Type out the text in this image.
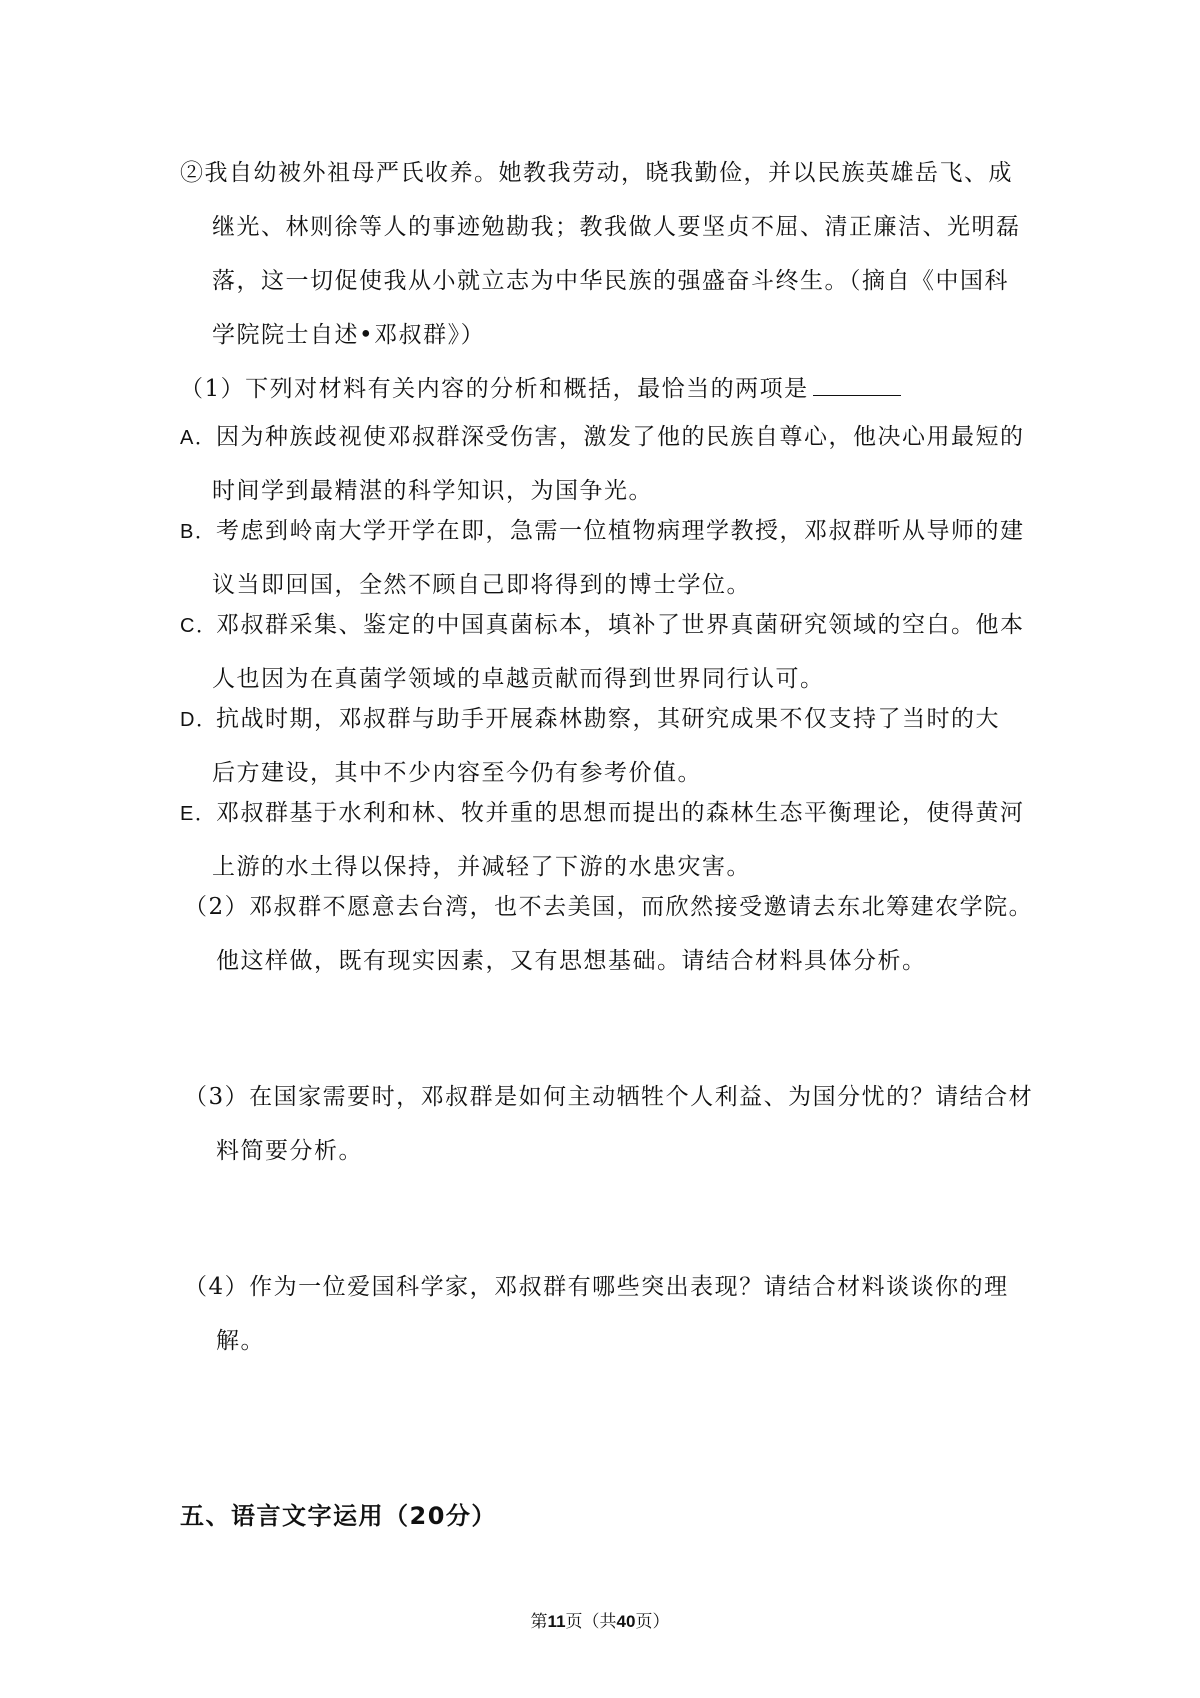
②我自幼被外祖母严氏收养。她教我劳动，晓我勤俭，并以民族英雄岳飞、成
继光、林则徐等人的事迹勉勘我；教我做人要坚贞不屈、清正廉洁、光明磊
落，这一切促使我从小就立志为中华民族的强盛奋斗终生。（摘自《中国科
学院院士自述•邓叔群》）
（1）下列对材料有关内容的分析和概括，最恰当的两项是
A．因为种族歧视使邓叔群深受伤害，激发了他的民族自尊心，他决心用最短的
时间学到最精湛的科学知识，为国争光。
B．考虑到岭南大学开学在即，急需一位植物病理学教授，邓叔群听从导师的建
议当即回国，全然不顾自己即将得到的博士学位。
C．邓叔群采集、鉴定的中国真菌标本，填补了世界真菌研究领域的空白。他本
人也因为在真菌学领域的卓越贡献而得到世界同行认可。
D．抗战时期，邓叔群与助手开展森林勘察，其研究成果不仅支持了当时的大
后方建设，其中不少内容至今仍有参考价值。
E．邓叔群基于水利和林、牧并重的思想而提出的森林生态平衡理论，使得黄河
上游的水土得以保持，并减轻了下游的水患灾害。
（2）邓叔群不愿意去台湾，也不去美国，而欣然接受邀请去东北筹建农学院。
他这样做，既有现实因素，又有思想基础。请结合材料具体分析。
（3）在国家需要时，邓叔群是如何主动牺牲个人利益、为国分忧的？请结合材
料简要分析。
（4）作为一位爱国科学家，邓叔群有哪些突出表现？请结合材料谈谈你的理
解。
五、语言文字运用（20分）
第11页（共40页）
